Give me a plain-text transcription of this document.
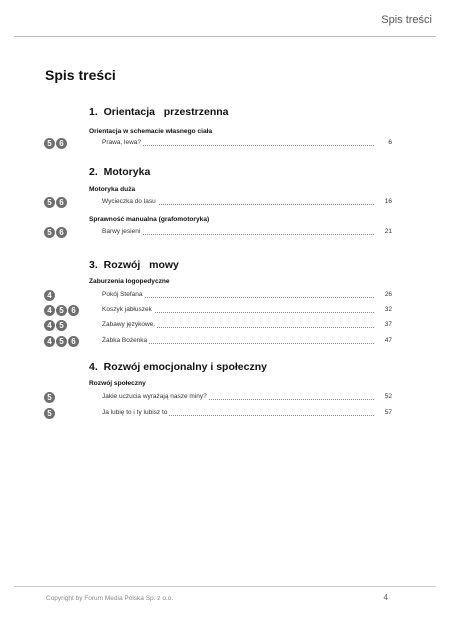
Spis treści
Spis treści
1. Orientacja   przestrzenna
Orientacja w schemacie własnego ciała
5 6	Prawa, lewa?	6
2. Motoryka
Motoryka duża
5 6	Wycieczka do lasu	16
Sprawność manualna (grafomotoryka)
5 6	Barwy jesieni	21
3. Rozwój   mowy
Zaburzenia logopedyczne
4	Pokój Stefana	26
4 5 6	Koszyk jabłuszek	32
4 5	Zabawy językowe.	37
4 5 6	Żabka Bożenka	47
4. Rozwój emocjonalny i społeczny
Rozwój społeczny
5	Jakie uczucia wyrażają nasze miny?	52
5	Ja lubię to i ty lubisz to	57
Copyright by Forum Media Polska Sp. z o.o.	4
